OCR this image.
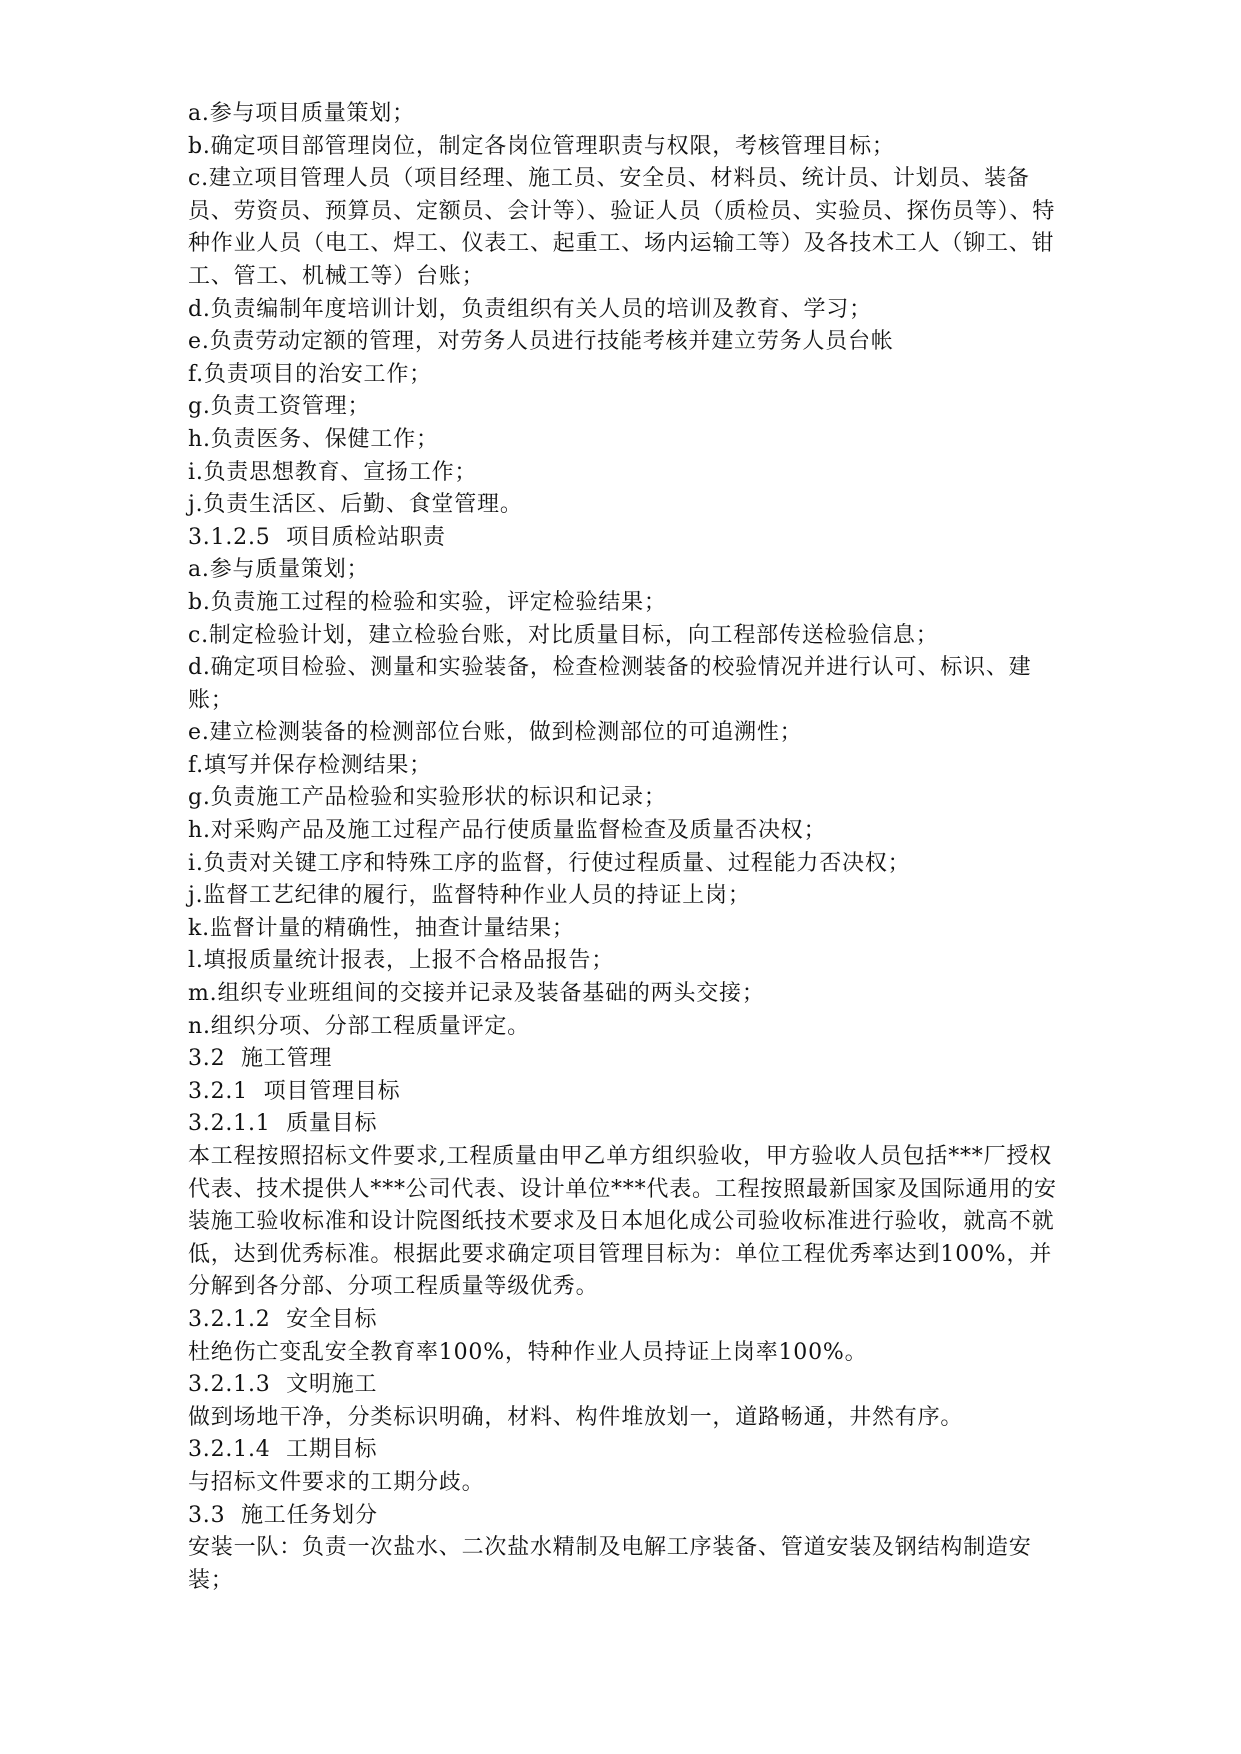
a.参与项目质量策划；

b.确定项目部管理岗位，制定各岗位管理职责与权限，考核管理目标；

c.建立项目管理人员（项目经理、施工员、安全员、材料员、统计员、计划员、装备员、劳资员、预算员、定额员、会计等）、验证人员（质检员、实验员、探伤员等）、特种作业人员（电工、焊工、仪表工、起重工、场内运输工等）及各技术工人（铆工、钳工、管工、机械工等）台账；

d.负责编制年度培训计划，负责组织有关人员的培训及教育、学习；

e.负责劳动定额的管理，对劳务人员进行技能考核并建立劳务人员台帐

f.负责项目的治安工作；

g.负责工资管理；

h.负责医务、保健工作；

i.负责思想教育、宣扬工作；

j.负责生活区、后勤、食堂管理。

3.1.2.5  项目质检站职责

a.参与质量策划；

b.负责施工过程的检验和实验，评定检验结果；

c.制定检验计划，建立检验台账，对比质量目标，向工程部传送检验信息；

d.确定项目检验、测量和实验装备，检查检测装备的校验情况并进行认可、标识、建账；

e.建立检测装备的检测部位台账，做到检测部位的可追溯性；

f.填写并保存检测结果；

g.负责施工产品检验和实验形状的标识和记录；

h.对采购产品及施工过程产品行使质量监督检查及质量否决权；

i.负责对关键工序和特殊工序的监督，行使过程质量、过程能力否决权；

j.监督工艺纪律的履行，监督特种作业人员的持证上岗；

k.监督计量的精确性，抽查计量结果；

l.填报质量统计报表，上报不合格品报告；

m.组织专业班组间的交接并记录及装备基础的两头交接；

n.组织分项、分部工程质量评定。

3.2  施工管理

3.2.1  项目管理目标

3.2.1.1  质量目标

本工程按照招标文件要求,工程质量由甲乙单方组织验收，甲方验收人员包括***厂授权代表、技术提供人***公司代表、设计单位***代表。工程按照最新国家及国际通用的安装施工验收标准和设计院图纸技术要求及日本旭化成公司验收标准进行验收，就高不就低，达到优秀标准。根据此要求确定项目管理目标为：单位工程优秀率达到100%，并分解到各分部、分项工程质量等级优秀。

3.2.1.2  安全目标

杜绝伤亡变乱安全教育率100%，特种作业人员持证上岗率100%。

3.2.1.3  文明施工

做到场地干净，分类标识明确，材料、构件堆放划一，道路畅通，井然有序。

3.2.1.4  工期目标

与招标文件要求的工期分歧。

3.3  施工任务划分

安装一队：负责一次盐水、二次盐水精制及电解工序装备、管道安装及钢结构制造安装；
